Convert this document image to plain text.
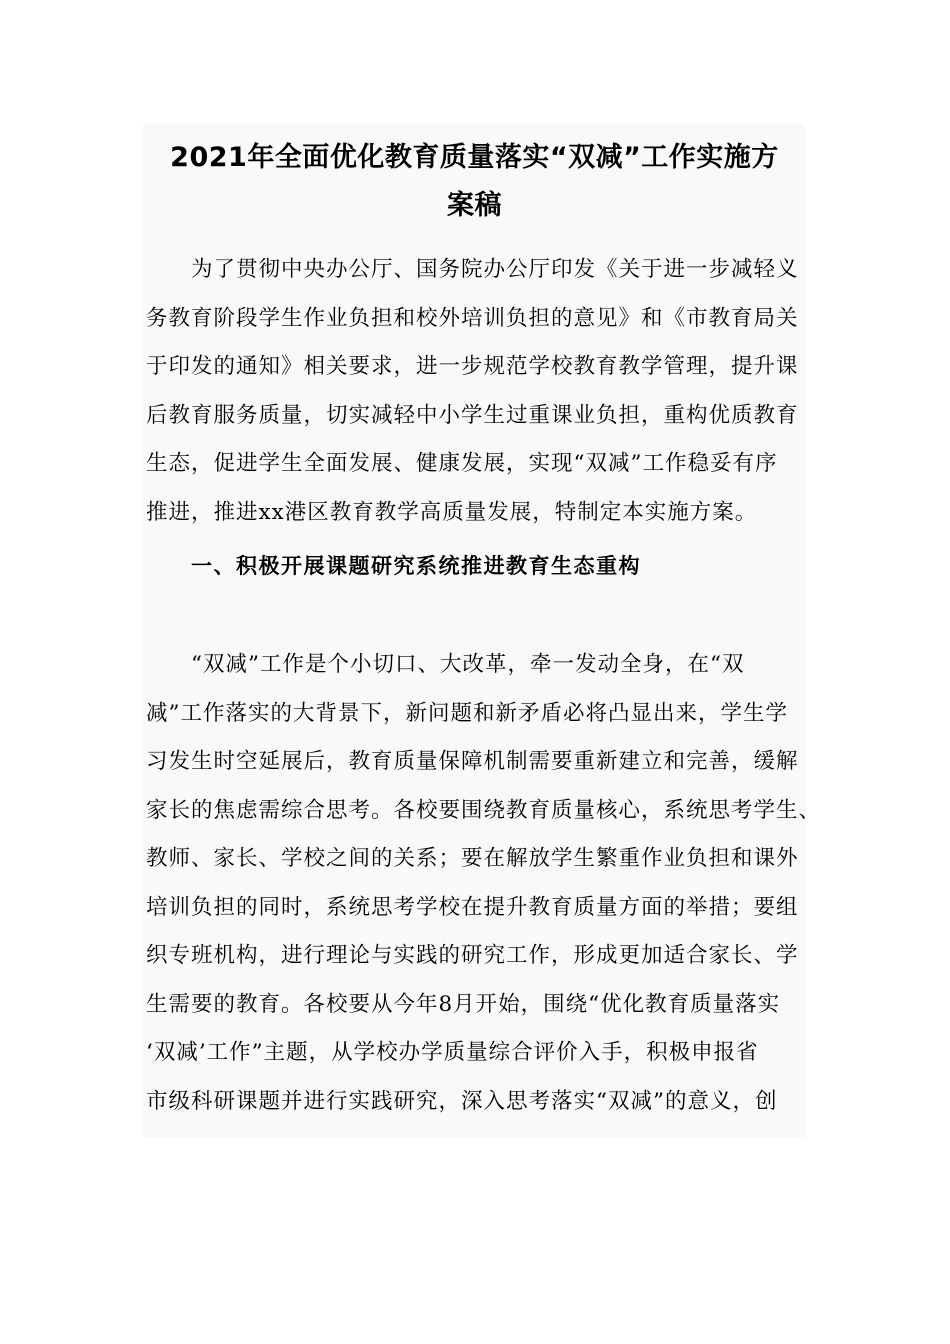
2021年全面优化教育质量落实“双减”工作实施方
案稿
　　为了贯彻中央办公厅、国务院办公厅印发《关于进一步减轻义
务教育阶段学生作业负担和校外培训负担的意见》和《市教育局关
于印发的通知》相关要求，进一步规范学校教育教学管理，提升课
后教育服务质量，切实减轻中小学生过重课业负担，重构优质教育
生态，促进学生全面发展、健康发展，实现“双减”工作稳妥有序
推进，推进xx港区教育教学高质量发展，特制定本实施方案。
一、积极开展课题研究系统推进教育生态重构
　　“双减”工作是个小切口、大改革，牵一发动全身，在“双
减”工作落实的大背景下，新问题和新矛盾必将凸显出来，学生学
习发生时空延展后，教育质量保障机制需要重新建立和完善，缓解
家长的焦虑需综合思考。各校要围绕教育质量核心，系统思考学生、
教师、家长、学校之间的关系；要在解放学生繁重作业负担和课外
培训负担的同时，系统思考学校在提升教育质量方面的举措；要组
织专班机构，进行理论与实践的研究工作，形成更加适合家长、学
生需要的教育。各校要从今年8月开始，围绕“优化教育质量落实
‘双减’工作”主题，从学校办学质量综合评价入手，积极申报省
市级科研课题并进行实践研究，深入思考落实“双减”的意义，创
